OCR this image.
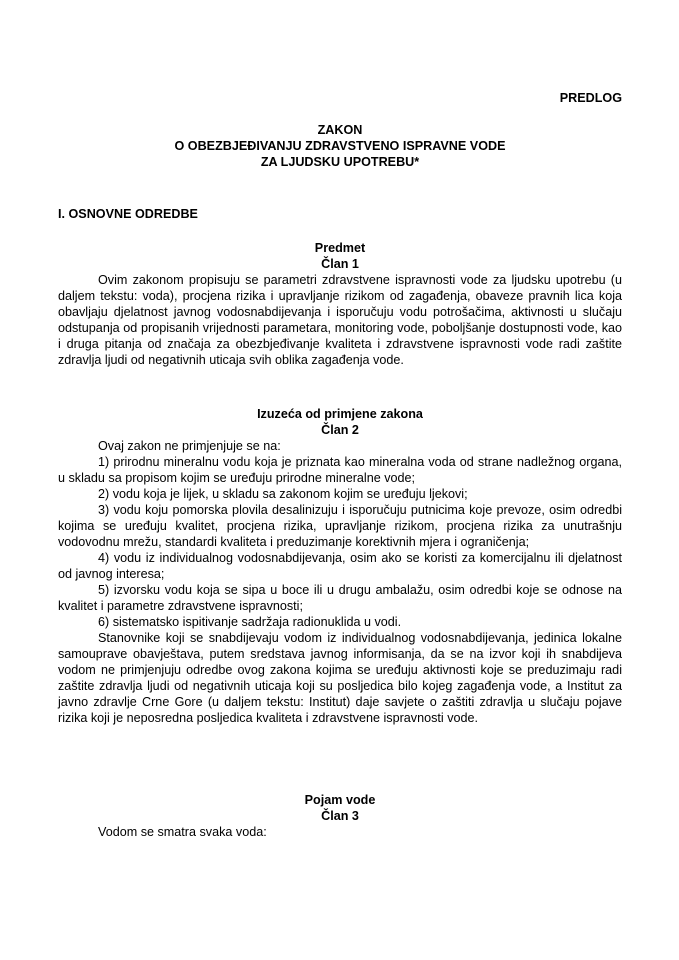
PREDLOG
ZAKON
O OBEZBJEĐIVANJU ZDRAVSTVENO ISPRAVNE VODE
ZA LJUDSKU UPOTREBU*
I. OSNOVNE ODREDBE
Predmet
Član 1

Ovim zakonom propisuju se parametri zdravstvene ispravnosti vode za ljudsku upotrebu (u daljem tekstu: voda), procjena rizika i upravljanje rizikom od zagađenja, obaveze pravnih lica koja obavljaju djelatnost javnog vodosnabdijevanja i isporučuju vodu potrošačima, aktivnosti u slučaju odstupanja od propisanih vrijednosti parametara, monitoring vode, poboljšanje dostupnosti vode, kao i druga pitanja od značaja za obezbjeđivanje kvaliteta i zdravstvene ispravnosti vode radi zaštite zdravlja ljudi od negativnih uticaja svih oblika zagađenja vode.

Izuzeća od primjene zakona
Član 2

Ovaj zakon ne primjenjuje se na:

1) prirodnu mineralnu vodu koja je priznata kao mineralna voda od strane nadležnog organa, u skladu sa propisom kojim se uređuju prirodne mineralne vode;

2) vodu koja je lijek, u skladu sa zakonom kojim se uređuju ljekovi;

3) vodu koju pomorska plovila desalinizuju i isporučuju putnicima koje prevoze, osim odredbi kojima se uređuju kvalitet, procjena rizika, upravljanje rizikom, procjena rizika za unutrašnju vodovodnu mrežu, standardi kvaliteta i preduzimanje korektivnih mjera i ograničenja;

4) vodu iz individualnog vodosnabdijevanja, osim ako se koristi za komercijalnu ili djelatnost od javnog interesa;

5) izvorsku vodu koja se sipa u boce ili u drugu ambalažu, osim odredbi koje se odnose na kvalitet i parametre zdravstvene ispravnosti;

6) sistematsko ispitivanje sadržaja radionuklida u vodi.

Stanovnike koji se snabdijevaju vodom iz individualnog vodosnabdijevanja, jedinica lokalne samouprave obavještava, putem sredstava javnog informisanja, da se na izvor koji ih snabdijeva vodom ne primjenjuju odredbe ovog zakona kojima se uređuju aktivnosti koje se preduzimaju radi zaštite zdravlja ljudi od negativnih uticaja koji su posljedica bilo kojeg zagađenja vode, a Institut za javno zdravlje Crne Gore (u daljem tekstu: Institut) daje savjete o zaštiti zdravlja u slučaju pojave rizika koji je neposredna posljedica kvaliteta i zdravstvene ispravnosti vode.

Pojam vode
Član 3

Vodom se smatra svaka voda:
